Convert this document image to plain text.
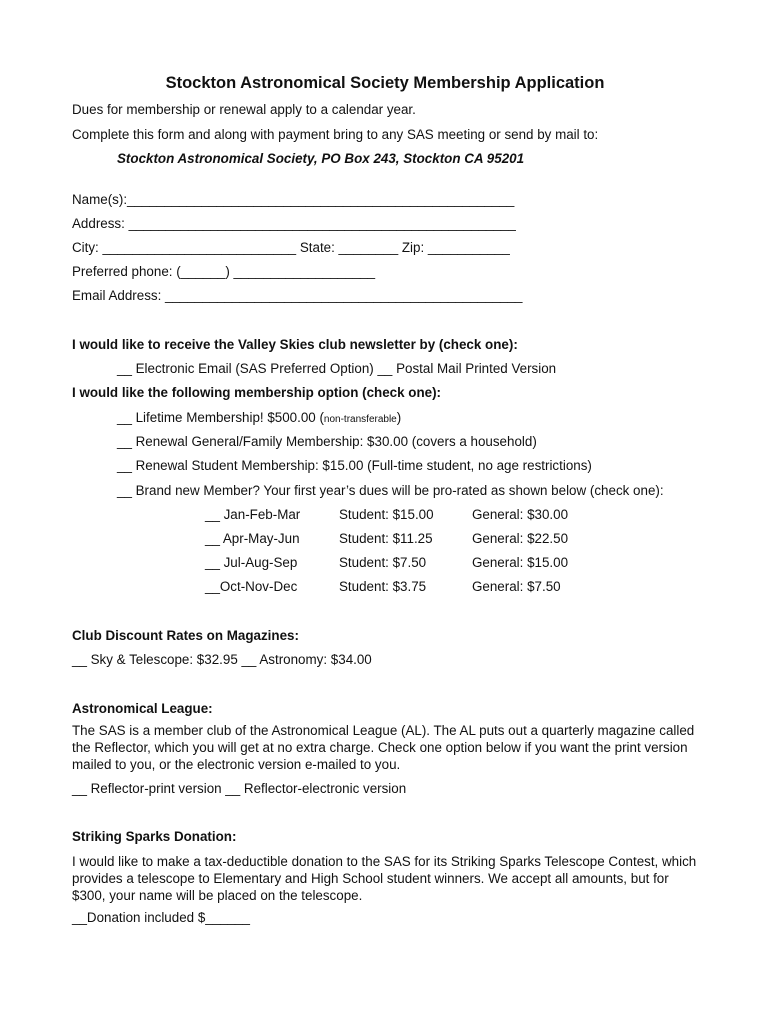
Stockton Astronomical Society Membership Application
Dues for membership or renewal apply to a calendar year.
Complete this form and along with payment bring to any SAS meeting or send by mail to:
Stockton Astronomical Society, PO Box 243, Stockton CA 95201
Name(s):____________________________________________________
Address: ____________________________________________________
City: __________________________ State: ________ Zip: ___________
Preferred phone: (______) ___________________
Email Address: ________________________________________________
I would like to receive the Valley Skies club newsletter by (check one):
__ Electronic Email (SAS Preferred Option) __ Postal Mail Printed Version
I would like the following membership option (check one):
__ Lifetime Membership! $500.00 (non-transferable)
__ Renewal General/Family Membership: $30.00 (covers a household)
__ Renewal Student Membership: $15.00 (Full-time student, no age restrictions)
__ Brand new Member? Your first year’s dues will be pro-rated as shown below (check one):
__ Jan-Feb-Mar	Student: $15.00	General: $30.00
__ Apr-May-Jun	Student: $11.25	General: $22.50
__ Jul-Aug-Sep	Student: $7.50	General: $15.00
__Oct-Nov-Dec	Student: $3.75	General: $7.50
Club Discount Rates on Magazines:
__ Sky & Telescope: $32.95 __ Astronomy: $34.00
Astronomical League:
The SAS is a member club of the Astronomical League (AL). The AL puts out a quarterly magazine called the Reflector, which you will get at no extra charge. Check one option below if you want the print version mailed to you, or the electronic version e-mailed to you.
__ Reflector-print version __ Reflector-electronic version
Striking Sparks Donation:
I would like to make a tax-deductible donation to the SAS for its Striking Sparks Telescope Contest, which provides a telescope to Elementary and High School student winners. We accept all amounts, but for $300, your name will be placed on the telescope.
__Donation included $______
